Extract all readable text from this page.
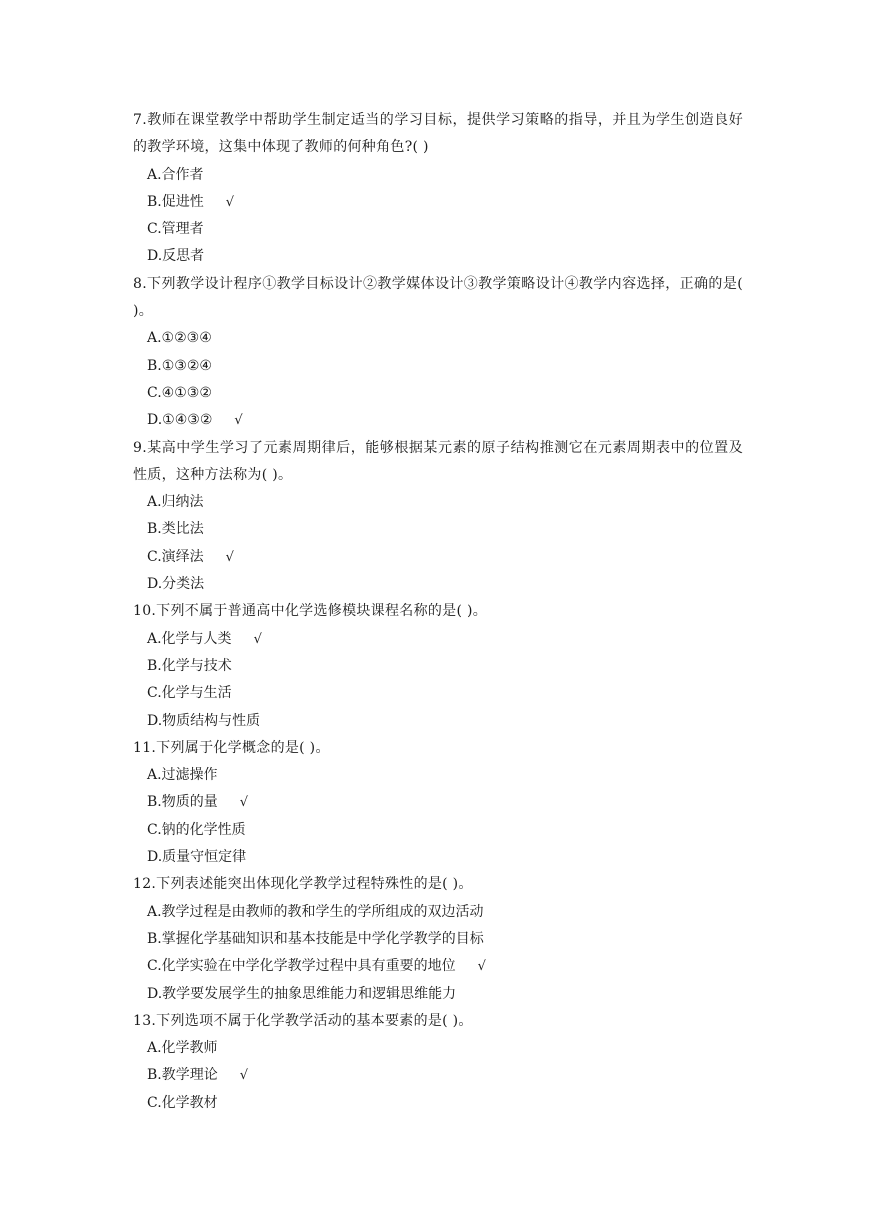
7.教师在课堂教学中帮助学生制定适当的学习目标，提供学习策略的指导，并且为学生创造良好的教学环境，这集中体现了教师的何种角色?( )

A.合作者

B.促进性 √

C.管理者

D.反思者

8.下列教学设计程序①教学目标设计②教学媒体设计③教学策略设计④教学内容选择，正确的是( )。

A.①②③④

B.①③②④

C.④①③②

D.①④③② √

9.某高中学生学习了元素周期律后，能够根据某元素的原子结构推测它在元素周期表中的位置及性质，这种方法称为( )。

A.归纳法

B.类比法

C.演绎法 √

D.分类法

10.下列不属于普通高中化学选修模块课程名称的是( )。

A.化学与人类 √

B.化学与技术

C.化学与生活

D.物质结构与性质

11.下列属于化学概念的是( )。

A.过滤操作

B.物质的量 √

C.钠的化学性质

D.质量守恒定律

12.下列表述能突出体现化学教学过程特殊性的是( )。

A.教学过程是由教师的教和学生的学所组成的双边活动

B.掌握化学基础知识和基本技能是中学化学教学的目标

C.化学实验在中学化学教学过程中具有重要的地位 √

D.教学要发展学生的抽象思维能力和逻辑思维能力

13.下列选项不属于化学教学活动的基本要素的是( )。

A.化学教师

B.教学理论 √

C.化学教材
